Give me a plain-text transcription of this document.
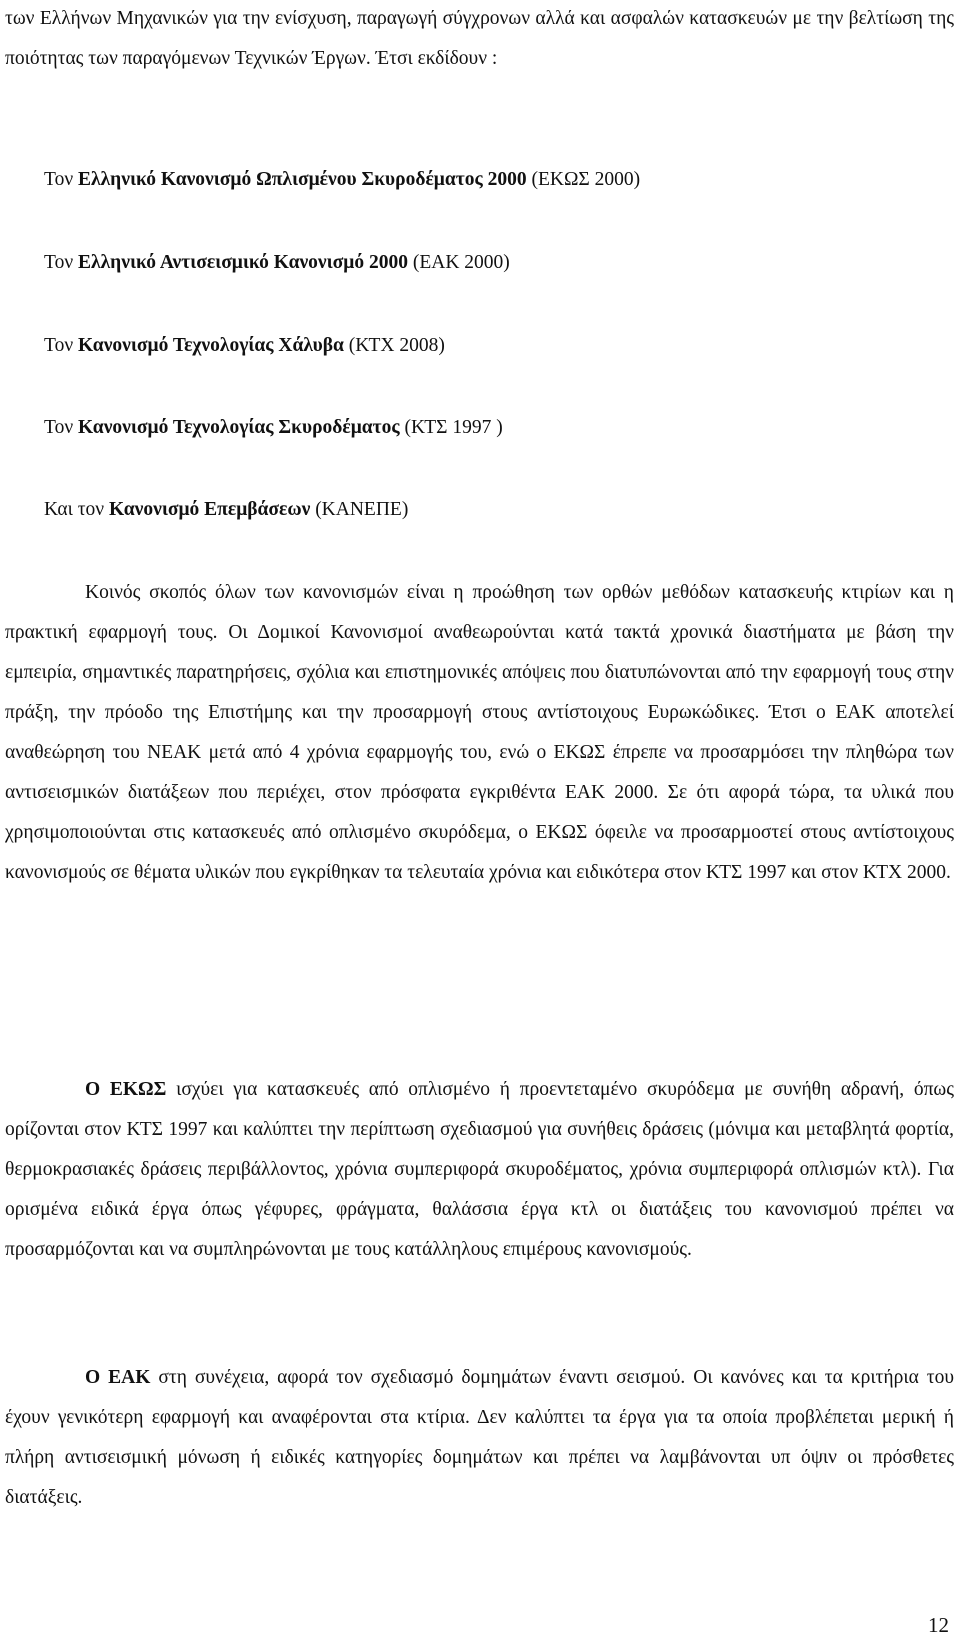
των Ελλήνων Μηχανικών για την ενίσχυση, παραγωγή σύγχρονων αλλά και ασφαλών κατασκευών με την βελτίωση της ποιότητας των παραγόμενων Τεχνικών Έργων. Έτσι εκδίδουν :

Τον Ελληνικό Κανονισμό Ωπλισμένου Σκυροδέματος 2000 (ΕΚΩΣ 2000)

Τον Ελληνικό Αντισεισμικό Κανονισμό 2000 (ΕΑΚ 2000)

Τον Κανονισμό Τεχνολογίας Χάλυβα (ΚΤΧ 2008)

Τον Κανονισμό Τεχνολογίας Σκυροδέματος (ΚΤΣ 1997 )

Και τον Κανονισμό Επεμβάσεων (ΚΑΝΕΠΕ)

Κοινός σκοπός όλων των κανονισμών είναι η προώθηση των ορθών μεθόδων κατασκευής κτιρίων και η πρακτική εφαρμογή τους. Οι Δομικοί Κανονισμοί αναθεωρούνται κατά τακτά χρονικά διαστήματα με βάση την εμπειρία, σημαντικές παρατηρήσεις, σχόλια και επιστημονικές απόψεις που διατυπώνονται από την εφαρμογή τους στην πράξη, την πρόοδο της Επιστήμης και την προσαρμογή στους αντίστοιχους Ευρωκώδικες. Έτσι ο ΕΑΚ αποτελεί αναθεώρηση του ΝΕΑΚ μετά από 4 χρόνια εφαρμογής του, ενώ ο ΕΚΩΣ έπρεπε να προσαρμόσει την πληθώρα των αντισεισμικών διατάξεων που περιέχει, στον πρόσφατα εγκριθέντα ΕΑΚ 2000. Σε ότι αφορά τώρα, τα υλικά που χρησιμοποιούνται στις κατασκευές από οπλισμένο σκυρόδεμα, ο ΕΚΩΣ όφειλε να προσαρμοστεί στους αντίστοιχους κανονισμούς σε θέματα υλικών που εγκρίθηκαν τα τελευταία χρόνια και ειδικότερα στον ΚΤΣ 1997 και στον ΚΤΧ 2000.

Ο ΕΚΩΣ ισχύει για κατασκευές από οπλισμένο ή προεντεταμένο σκυρόδεμα με συνήθη αδρανή, όπως ορίζονται στον ΚΤΣ 1997 και καλύπτει την περίπτωση σχεδιασμού για συνήθεις δράσεις (μόνιμα και μεταβλητά φορτία, θερμοκρασιακές δράσεις περιβάλλοντος, χρόνια συμπεριφορά σκυροδέματος, χρόνια συμπεριφορά οπλισμών κτλ). Για ορισμένα ειδικά έργα όπως γέφυρες, φράγματα, θαλάσσια έργα κτλ οι διατάξεις του κανονισμού πρέπει να προσαρμόζονται και να συμπληρώνονται με τους κατάλληλους επιμέρους κανονισμούς.

Ο ΕΑΚ στη συνέχεια, αφορά τον σχεδιασμό δομημάτων έναντι σεισμού. Οι κανόνες και τα κριτήρια του έχουν γενικότερη εφαρμογή και αναφέρονται στα κτίρια. Δεν καλύπτει τα έργα για τα οποία προβλέπεται μερική ή πλήρη αντισεισμική μόνωση ή ειδικές κατηγορίες δομημάτων και πρέπει να λαμβάνονται υπ όψιν οι πρόσθετες διατάξεις.

12
